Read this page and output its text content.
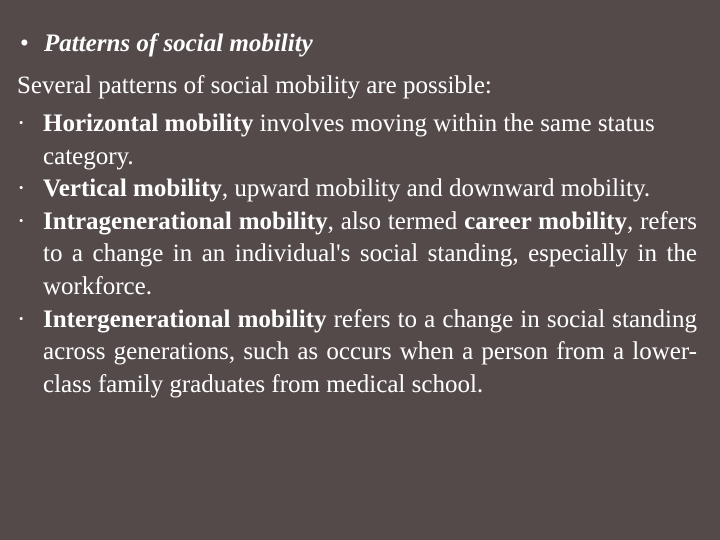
• Patterns of social mobility
Several patterns of social mobility are possible:
· Horizontal mobility involves moving within the same status category.
· Vertical mobility, upward mobility and downward mobility.
· Intragenerational mobility, also termed career mobility, refers to a change in an individual's social standing, especially in the workforce.
· Intergenerational mobility refers to a change in social standing across generations, such as occurs when a person from a lower-class family graduates from medical school.
